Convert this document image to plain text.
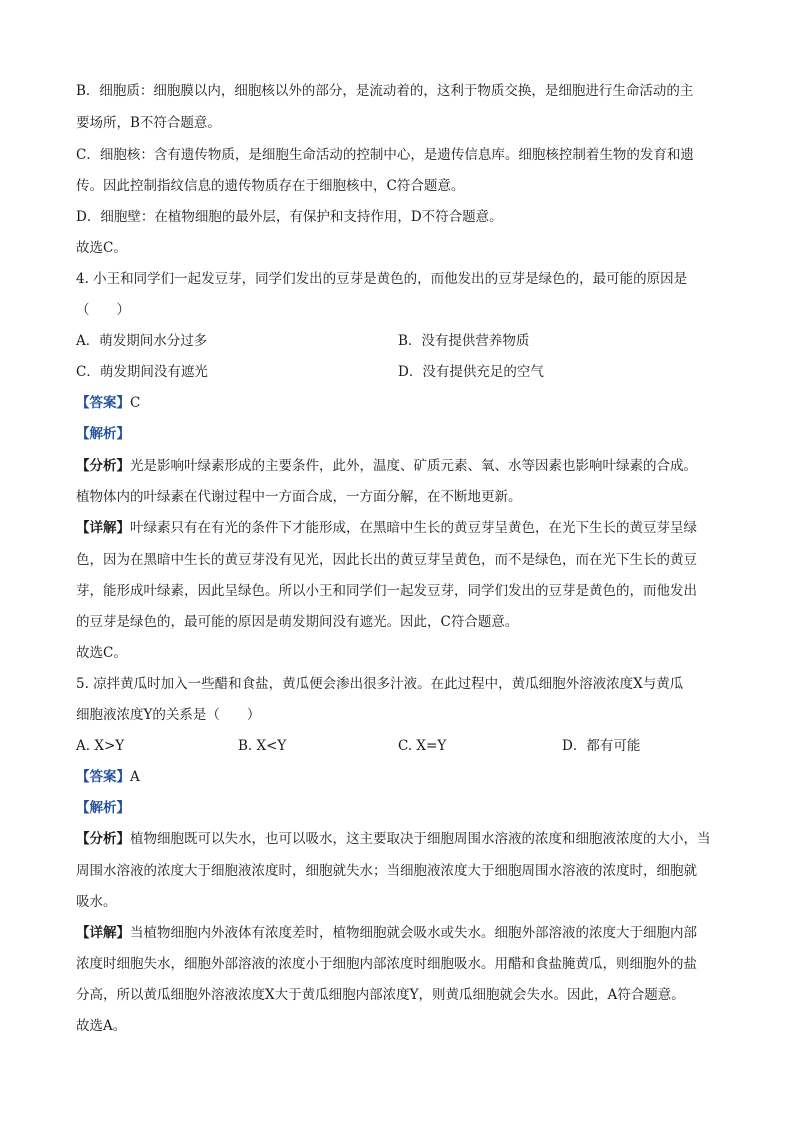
B．细胞质：细胞膜以内，细胞核以外的部分，是流动着的，这利于物质交换，是细胞进行生命活动的主
要场所，B不符合题意。
C．细胞核：含有遗传物质，是细胞生命活动的控制中心，是遗传信息库。细胞核控制着生物的发育和遗
传。因此控制指纹信息的遗传物质存在于细胞核中，C符合题意。
D．细胞壁：在植物细胞的最外层，有保护和支持作用，D不符合题意。
故选C。
4. 小王和同学们一起发豆芽，同学们发出的豆芽是黄色的，而他发出的豆芽是绿色的，最可能的原因是
（　　）
A．萌发期间水分过多	B．没有提供营养物质
C．萌发期间没有遮光	D．没有提供充足的空气
【答案】C
【解析】
【分析】光是影响叶绿素形成的主要条件，此外，温度、矿质元素、氧、水等因素也影响叶绿素的合成。
植物体内的叶绿素在代谢过程中一方面合成，一方面分解，在不断地更新。
【详解】叶绿素只有在有光的条件下才能形成，在黑暗中生长的黄豆芽呈黄色，在光下生长的黄豆芽呈绿
色，因为在黑暗中生长的黄豆芽没有见光，因此长出的黄豆芽呈黄色，而不是绿色，而在光下生长的黄豆
芽，能形成叶绿素，因此呈绿色。所以小王和同学们一起发豆芽，同学们发出的豆芽是黄色的，而他发出
的豆芽是绿色的，最可能的原因是萌发期间没有遮光。因此，C符合题意。
故选C。
5. 凉拌黄瓜时加入一些醋和食盐，黄瓜便会渗出很多汁液。在此过程中，黄瓜细胞外溶液浓度X与黄瓜
细胞液浓度Y的关系是（　　）
A. X>Y	B. X<Y	C. X=Y	D．都有可能
【答案】A
【解析】
【分析】植物细胞既可以失水，也可以吸水，这主要取决于细胞周围水溶液的浓度和细胞液浓度的大小，当
周围水溶液的浓度大于细胞液浓度时，细胞就失水；当细胞液浓度大于细胞周围水溶液的浓度时，细胞就
吸水。
【详解】当植物细胞内外液体有浓度差时，植物细胞就会吸水或失水。细胞外部溶液的浓度大于细胞内部
浓度时细胞失水，细胞外部溶液的浓度小于细胞内部浓度时细胞吸水。用醋和食盐腌黄瓜，则细胞外的盐
分高，所以黄瓜细胞外溶液浓度X大于黄瓜细胞内部浓度Y，则黄瓜细胞就会失水。因此，A符合题意。
故选A。
